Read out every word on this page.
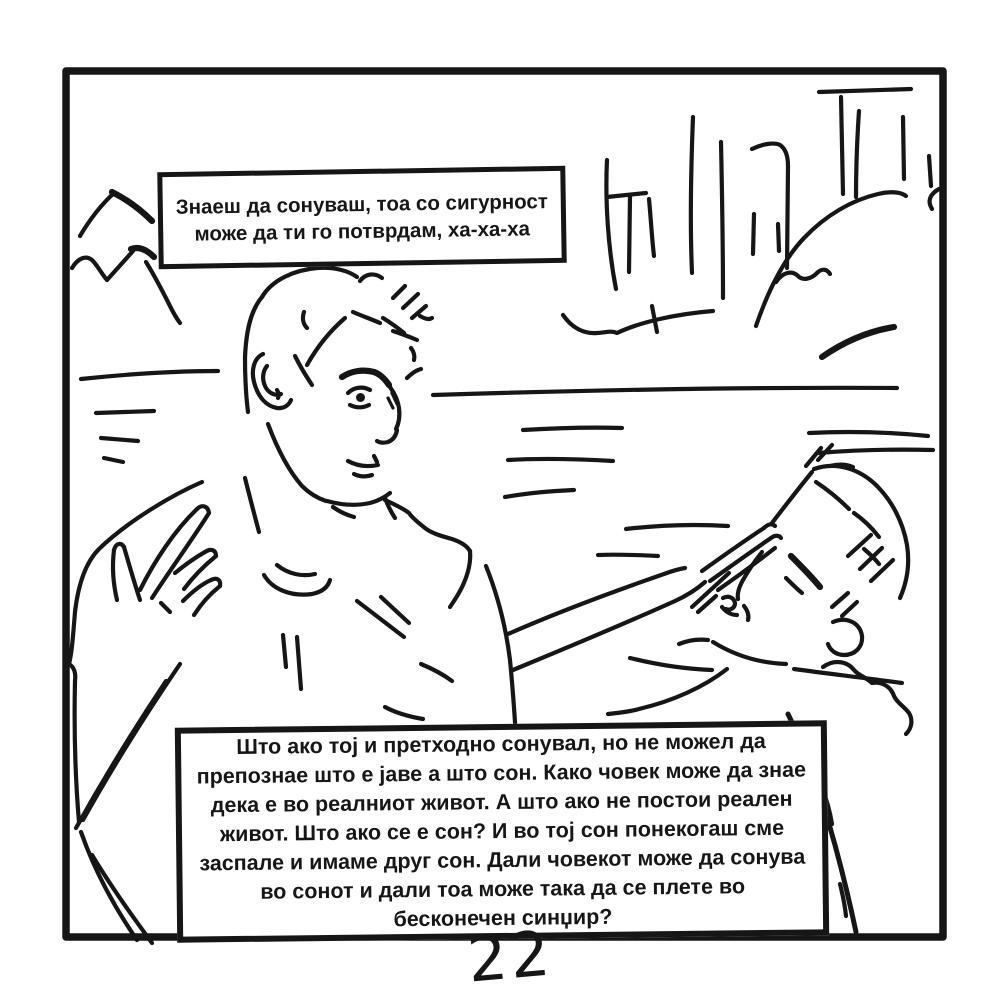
Знаеш да сонуваш, тоа со сигурност
може да ти го потврдам, ха-ха-ха
Што ако тој и претходно сонувал, но не можел да
препознае што е јаве а што сон. Како човек може да знае
дека е во реалниот живот. А што ако не постои реален
живот. Што ако се е сон? И во тој сон понекогаш сме
заспале и имаме друг сон. Дали човекот може да сонува
во сонот и дали тоа може така да се плете во
бесконечен синџир?
22
